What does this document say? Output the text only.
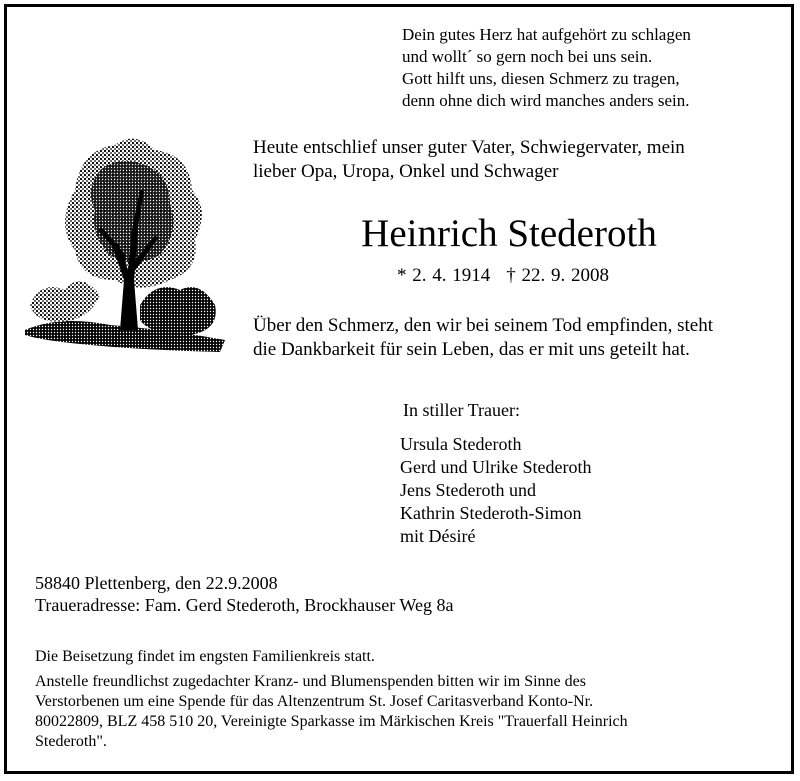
Dein gutes Herz hat aufgehört zu schlagen
und wollt´ so gern noch bei uns sein.
Gott hilft uns, diesen Schmerz zu tragen,
denn ohne dich wird manches anders sein.
Heute entschlief unser guter Vater, Schwiegervater, mein
lieber Opa, Uropa, Onkel und Schwager
Heinrich Stederoth
* 2. 4. 1914 † 22. 9. 2008
Über den Schmerz, den wir bei seinem Tod empfinden, steht
die Dankbarkeit für sein Leben, das er mit uns geteilt hat.
In stiller Trauer:
Ursula Stederoth
Gerd und Ulrike Stederoth
Jens Stederoth und
Kathrin Stederoth-Simon
mit Désiré
58840 Plettenberg, den 22.9.2008
Traueradresse: Fam. Gerd Stederoth, Brockhauser Weg 8a
Die Beisetzung findet im engsten Familienkreis statt.
Anstelle freundlichst zugedachter Kranz- und Blumenspenden bitten wir im Sinne des
Verstorbenen um eine Spende für das Altenzentrum St. Josef Caritasverband Konto-Nr.
80022809, BLZ 458 510 20, Vereinigte Sparkasse im Märkischen Kreis "Trauerfall Heinrich
Stederoth".
